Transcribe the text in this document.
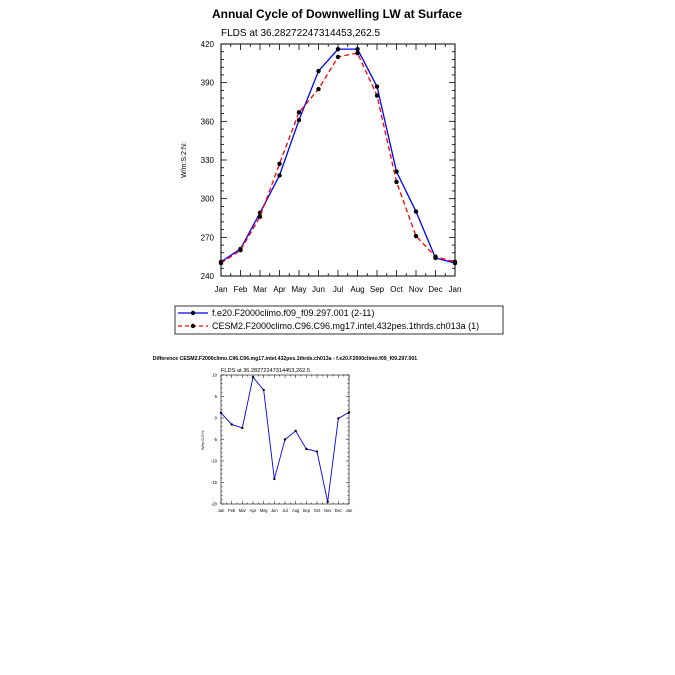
Annual Cycle of Downwelling LW at Surface
FLDS at 36.28272247314453,262.5
W/m:S:2:N:
Jan Feb Mar Apr May Jun Jul Aug Sep Oct Nov Dec Jan
240
270
300
330
360
390
420
f.e20.F2000climo.f09_f09.297.001 (2-11)
CESM2.F2000climo.C96.C96.mg17.intel.432pes.1thrds.ch013a (1)
Difference CESM2.F2000climo.C96.C96.mg17.intel.432pes.1thrds.ch013a - f.e20.F2000climo.f09_f09.297.001
FLDS at 36.28272247314453,262.5
W/m:S:2:N:
Jan Feb Mar Apr May Jun Jul Aug Sep Oct Nov Dec Jan
10
5
0
-5
-10
-15
-20
